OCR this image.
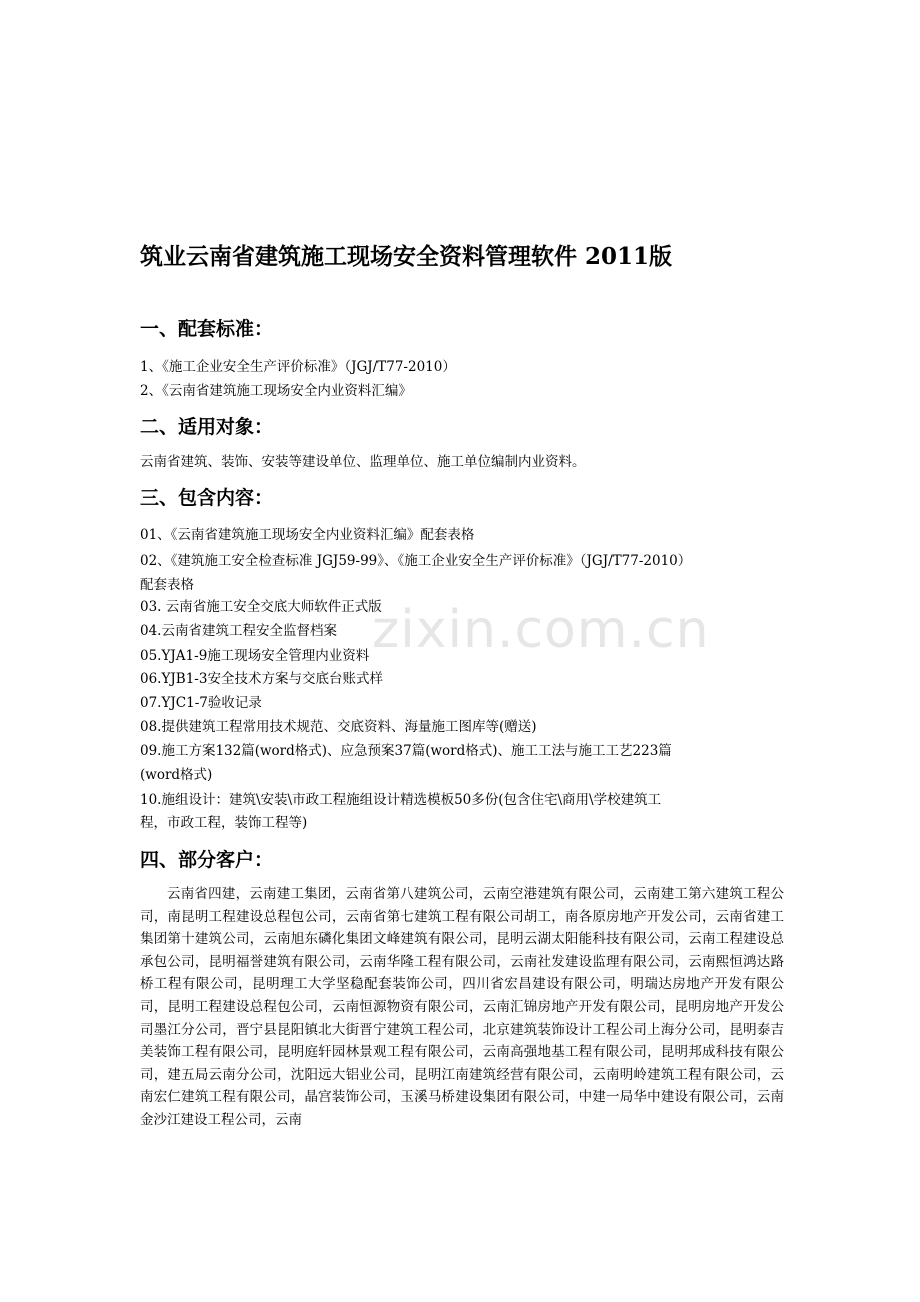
zixin.com.cn
筑业云南省建筑施工现场安全资料管理软件 2011版
一、配套标准：
1、《施工企业安全生产评价标准》（JGJ/T77-2010）
2、《云南省建筑施工现场安全内业资料汇编》
二、适用对象：
云南省建筑、装饰、安装等建设单位、监理单位、施工单位编制内业资料。
三、包含内容：
01、《云南省建筑施工现场安全内业资料汇编》配套表格
02、《建筑施工安全检查标准 JGJ59-99》、《施工企业安全生产评价标准》（JGJ/T77-2010）
配套表格
03. 云南省施工安全交底大师软件正式版
04.云南省建筑工程安全监督档案
05.YJA1-9施工现场安全管理内业资料
06.YJB1-3安全技术方案与交底台账式样
07.YJC1-7验收记录
08.提供建筑工程常用技术规范、交底资料、海量施工图库等(赠送)
09.施工方案132篇(word格式)、应急预案37篇(word格式)、施工工法与施工工艺223篇
(word格式)
10.施组设计：建筑\安装\市政工程施组设计精选模板50多份(包含住宅\商用\学校建筑工
程，市政工程，装饰工程等)
四、部分客户：
云南省四建，云南建工集团，云南省第八建筑公司，云南空港建筑有限公司，云南建工第六建筑工程公司，南昆明工程建设总程包公司，云南省第七建筑工程有限公司胡工，南各原房地产开发公司，云南省建工集团第十建筑公司，云南旭东磷化集团文峰建筑有限公司，昆明云湖太阳能科技有限公司，云南工程建设总承包公司，昆明福誉建筑有限公司，云南华隆工程有限公司，云南社发建设监理有限公司，云南熙恒鸿达路桥工程有限公司，昆明理工大学坚稳配套装饰公司，四川省宏昌建设有限公司，明瑞达房地产开发有限公司，昆明工程建设总程包公司，云南恒源物资有限公司，云南汇锦房地产开发有限公司，昆明房地产开发公司墨江分公司，晋宁县昆阳镇北大街晋宁建筑工程公司，北京建筑装饰设计工程公司上海分公司，昆明泰吉美装饰工程有限公司，昆明庭轩园林景观工程有限公司，云南高强地基工程有限公司，昆明邦成科技有限公司，建五局云南分公司，沈阳远大铝业公司，昆明江南建筑经营有限公司，云南明岭建筑工程有限公司，云南宏仁建筑工程有限公司，晶宫装饰公司，玉溪马桥建设集团有限公司，中建一局华中建设有限公司，云南金沙江建设工程公司，云南
